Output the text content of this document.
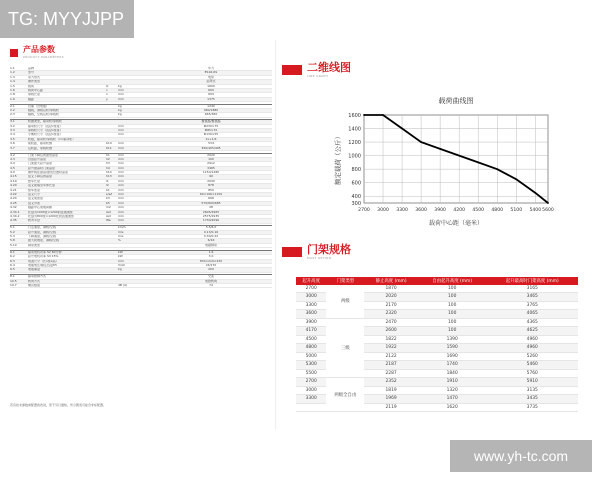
TG: MYYJJPP
产品参数
PRODUCT PARAMETERS
1.1	品牌	中力
1.2	型号	ES16-RS
1.3	动力形式	电动
1.4	操作类型	站驾式
1.5	载荷	Q	kg	1600
1.6	载荷中心距	c	mm	600
1.8	承载长度	x	mm	693
1.9	轴距	y	mm	1375
2.1	自重（含电瓶）	kg	1240
2.2	轴载，满载后轮/承载轮	kg	960/1880
2.3	轴载，空载后轮/承载轮	kg	665/380
3.1	轮胎类型，驱动轮/承载轮	聚氨酯/聚氨酯
3.2	驱动轮尺寸（直径x宽度）	mm	Φ230×75
3.3	承载轮尺寸（直径x宽度）	mm	Φ85×70
3.4	平衡轮尺寸（直径x宽度）	mm	Φ130×55
3.5	轮数，驱动轮/承载轮（x=驱动轮）	1x+1/4
3.6	前轮距，驱动轮侧	b10	mm	534
3.7	后轮距，承载轮侧	b11	mm	390/405/495
4.2	门架下降后的最低高度	h1	mm	2020
4.3	自由起升高度	h2	mm	100
4.4	门架最大起升高度	h3	mm	2912
4.5	起升最高时门架高度	h4	mm	3465
4.9	操作柄在最高/最低位置时高度	h14	mm	1150/1480
4.15	货叉下降后的高度	h13	mm	90
4.19	整车长度	l1	mm	2030
4.20	货叉前端至车体长度	l2	mm	878
4.21	整车宽度	b1	mm	850
4.22	货叉尺寸	s/e/l	mm	60×190×1150
4.24	货叉架宽度	b3	mm	696
4.25	货叉外宽	b5	mm	570/600/685
4.32	轴距中心离地间隙	m2	mm	28
4.34.1	托盘为1000宽×1200的直通道宽	Ast	mm	2605/2965
4.34.2	托盘为800宽×1200托的直通道宽	Ast	mm	2575/2935
4.35	转弯半径	Wa	mm	1730/2090
5.1	行走速度，满载/空载	km/h	5.5/6.0
5.2	起升速度，满载/空载	m/s	0.13/0.16
5.3	下降速度，满载/空载	m/s	0.30/0.22
5.8	最大爬坡度，满载/空载	%	6/16
5.10	制动类型	电磁制动
6.1	驱动电机功率 S2 60分钟	kW	1.6
6.2	起升电机功率 S3 15%	kW	3.0
6.3	电池尺寸（长x宽x高）	mm	834×216×430
6.4	电瓶电压/额定容量K5	V/Ah	24/270
6.5	电瓶重量	kg	200
8.1	驱动控制方式	交流
10.5	转向方式	电控转向
10.7	噪音数值	dB (A)	74
若有技术参数或配置的改进，恕不另行通知，所示图表可能含非标配置。
二维线图
LINE GRAPH
载荷曲线图
300
400
600
800
1000
1200
1400
1600
2700 3000 3300 3600 3900 4200 4500 4800 5100 5400 5600
额定载荷（公斤）
载荷中心距（毫米）
门架规格
MAST OPTION
起升高度	门架类型	静止高度 (mm)	自由起升高度 (mm)	起升最高时门架高度 (mm)
2700	两级	1870	100	3165
3000		2020	100	3465
3300		2170	100	3765
3600		2320	100	4065
3900	三级	2470	100	4365
4170		2600	100	4625
4500		1822	1390	4960
4800		1922	1590	4960
5000		2122	1690	5260
5300		2187	1740	5460
5500		2287	1840	5760
2700	两级全自由	2352	1910	5910
3000		1819	1320	3135
3300		1969	1470	3435
		2119	1620	3735
www.yh-tc.com
